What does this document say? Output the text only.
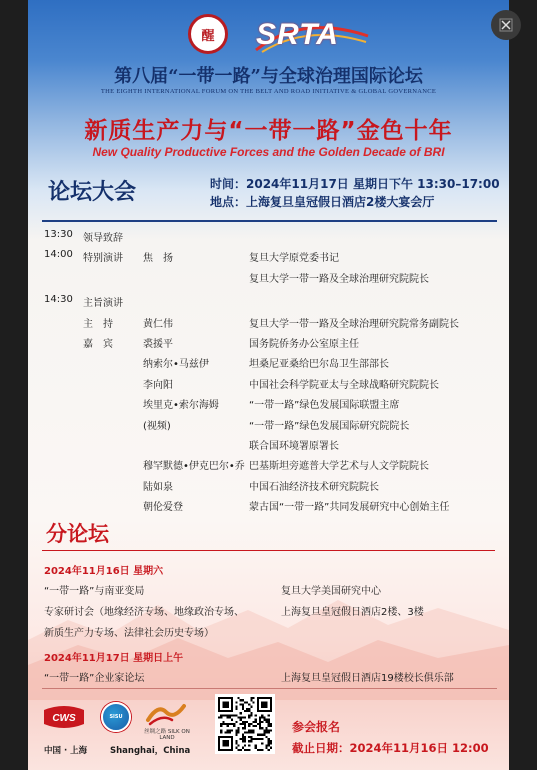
醒 SRTA
第八届“一带一路”与全球治理国际论坛
THE EIGHTH INTERNATIONAL FORUM ON THE BELT AND ROAD INITIATIVE & GLOBAL GOVERNANCE
新质生产力与“一带一路”金色十年
New Quality Productive Forces and the Golden Decade of BRI
论坛大会	时间：2024年11月17日 星期日下午 13:30–17:00
地点：上海复旦皇冠假日酒店2楼大宴会厅
13:30 领导致辞
14:00 特别演讲 焦　扬	复旦大学原党委书记
复旦大学一带一路及全球治理研究院院长
14:30 主旨演讲
主　持	黄仁伟	复旦大学一带一路及全球治理研究院常务副院长
嘉　宾	裘援平	国务院侨务办公室原主任
纳索尔•马兹伊	坦桑尼亚桑给巴尔岛卫生部部长
李向阳	中国社会科学院亚太与全球战略研究院院长
埃里克•索尔海姆	“一带一路”绿色发展国际联盟主席
(视频)	“一带一路”绿色发展国际研究院院长
联合国环境署原署长
穆罕默德•伊克巴尔•乔 巴基斯坦旁遮普大学艺术与人文学院院长
陆如泉	中国石油经济技术研究院院长
朝伦爱登	蒙古国“一带一路”共同发展研究中心创始主任
分论坛
2024年11月16日 星期六
“一带一路”与南亚变局	复旦大学美国研究中心
专家研讨会（地缘经济专场、地缘政治专场、	上海复旦皇冠假日酒店2楼、3楼
新质生产力专场、法律社会历史专场）
2024年11月17日 星期日上午
“一带一路”企业家论坛	上海复旦皇冠假日酒店19楼校长俱乐部
CWS	SISU
丝绸之路 SILK ON LAND
中国 · 上海	Shanghai，China
参会报名
截止日期：2024年11月16日 12:00
